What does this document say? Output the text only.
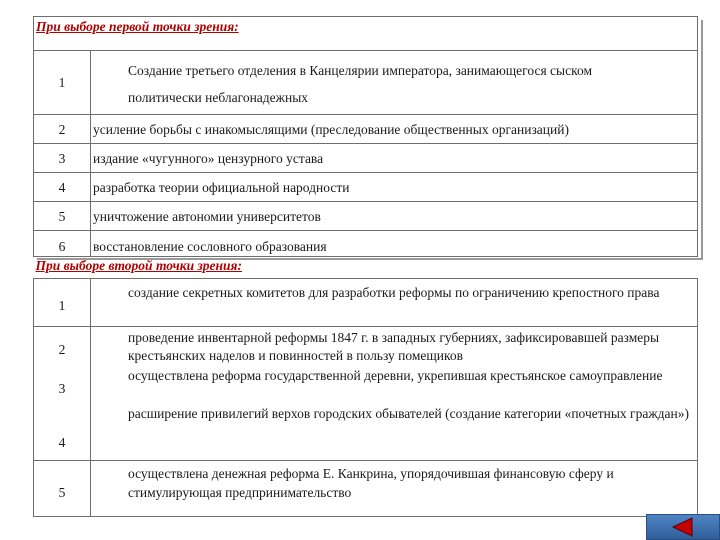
При выборе первой точки зрения:	
1	Создание третьего отделения в Канцелярии императора, занимающегося сыском политически неблагонадежных
2	усиление борьбы с инакомыслящими (преследование общественных организаций)
3	издание «чугунного» цензурного устава
4	разработка теории официальной народности
5	уничтожение автономии университетов
6	восстановление сословного образования
При выборе второй точки зрения:	
1	создание секретных комитетов для разработки реформы по ограничению крепостного права
2	проведение инвентарной реформы 1847 г. в западных губерниях, зафиксировавшей размеры крестьянских наделов и повинностей в пользу помещиков
3	осуществлена реформа государственной деревни, укрепившая крестьянское самоуправление
4	расширение привилегий верхов городских обывателей (создание категории «почетных граждан»)
5	осуществлена денежная реформа Е. Канкрина, упорядочившая финансовую сферу и стимулирующая предпринимательство
